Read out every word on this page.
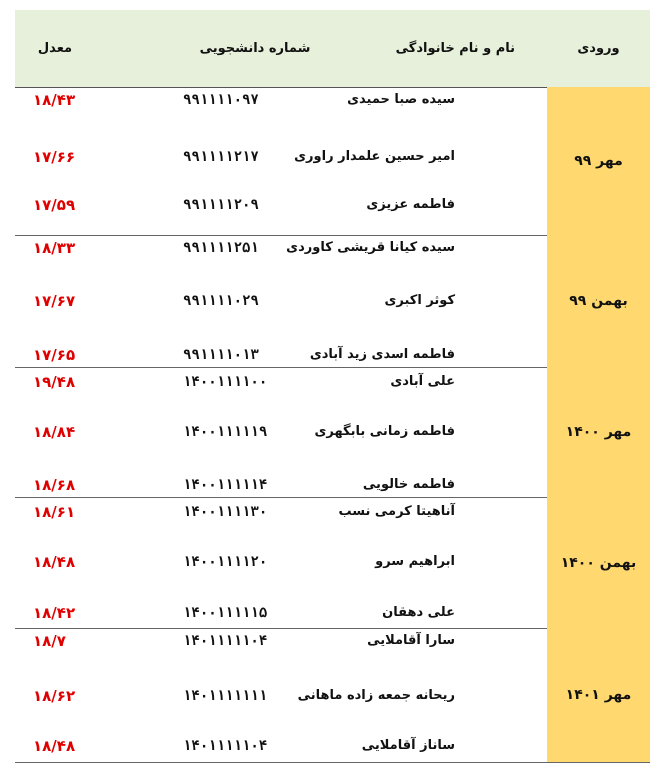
ورودی
نام و نام خانوادگی
شماره دانشجویی
معدل
۹۹ مهر
سیده صبا حمیدی
۹۹۱۱۱۱۰۹۷
۱۸/۴۳
امیر حسین علمدار راوری
۹۹۱۱۱۱۲۱۷
۱۷/۶۶
فاطمه عزیزی
۹۹۱۱۱۱۲۰۹
۱۷/۵۹
۹۹ بهمن
سیده کیانا قریشی کاوردی
۹۹۱۱۱۱۲۵۱
۱۸/۳۳
کوثر اکبری
۹۹۱۱۱۱۰۲۹
۱۷/۶۷
فاطمه اسدی زید آبادی
۹۹۱۱۱۱۰۱۳
۱۷/۶۵
۱۴۰۰ مهر
علی آبادی
۱۴۰۰۱۱۱۱۰۰
۱۹/۴۸
فاطمه زمانی بابگهری
۱۴۰۰۱۱۱۱۱۹
۱۸/۸۴
فاطمه خالویی
۱۴۰۰۱۱۱۱۱۴
۱۸/۶۸
۱۴۰۰ بهمن
آناهیتا کرمی نسب
۱۴۰۰۱۱۱۱۳۰
۱۸/۶۱
ابراهیم سرو
۱۴۰۰۱۱۱۱۲۰
۱۸/۴۸
علی دهقان
۱۴۰۰۱۱۱۱۱۵
۱۸/۴۲
۱۴۰۱ مهر
سارا آقاملایی
۱۴۰۱۱۱۱۱۰۴
۱۸/۷
ریحانه جمعه زاده ماهانی
۱۴۰۱۱۱۱۱۱۱
۱۸/۶۲
ساناز آقاملایی
۱۴۰۱۱۱۱۱۰۴
۱۸/۴۸
